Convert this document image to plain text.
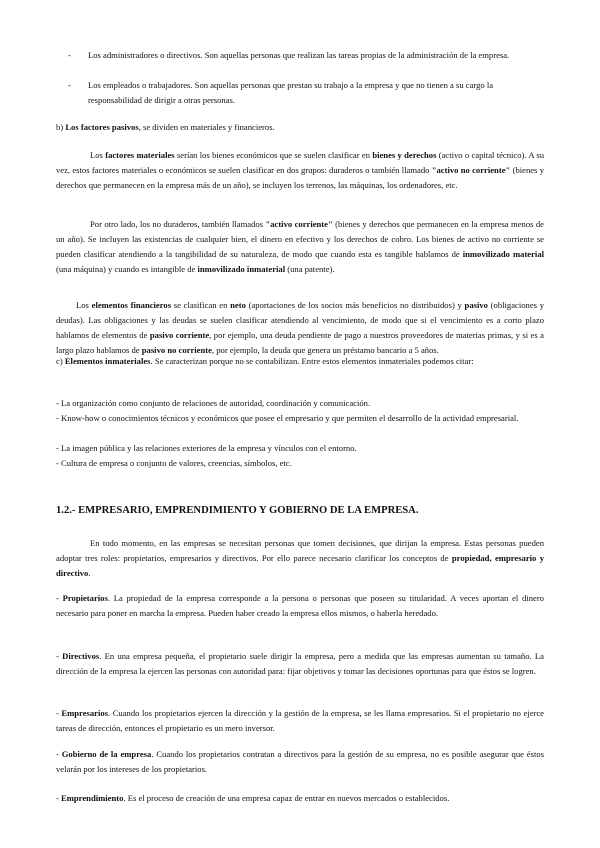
- Los administradores o directivos. Son aquellas personas que realizan las tareas propias de la administración de la empresa.
- Los empleados o trabajadores. Son aquellas personas que prestan su trabajo a la empresa y que no tienen a su cargo la responsabilidad de dirigir a otras personas.

b) Los factores pasivos, se dividen en materiales y financieros.

Los factores materiales serían los bienes económicos que se suelen clasificar en bienes y derechos (activo o capital técnico). A su vez, estos factores materiales o económicos se suelen clasificar en dos grupos: duraderos o también llamado "activo no corriente" (bienes y derechos que permanecen en la empresa más de un año), se incluyen los terrenos, las máquinas, los ordenadores, etc.

Por otro lado, los no duraderos, también llamados "activo corriente" (bienes y derechos que permanecen en la empresa menos de un año). Se incluyen las existencias de cualquier bien, el dinero en efectivo y los derechos de cobro. Los bienes de activo no corriente se pueden clasificar atendiendo a la tangibilidad de su naturaleza, de modo que cuando esta es tangible hablamos de inmovilizado material (una máquina) y cuando es intangible de inmovilizado inmaterial (una patente).

Los elementos financieros se clasifican en neto (aportaciones de los socios más beneficios no distribuidos) y pasivo (obligaciones y deudas). Las obligaciones y las deudas se suelen clasificar atendiendo al vencimiento, de modo que si el vencimiento es a corto plazo hablamos de elementos de pasivo corriente, por ejemplo, una deuda pendiente de pago a nuestros proveedores de materias primas, y si es a largo plazo hablamos de pasivo no corriente, por ejemplo, la deuda que genera un préstamo bancario a 5 años.

c) Elementos inmateriales. Se caracterizan porque no se contabilizan. Entre estos elementos inmateriales podemos citar:

- La organización como conjunto de relaciones de autoridad, coordinación y comunicación.

- Know-how o conocimientos técnicos y económicos que posee el empresario y que permiten el desarrollo de la actividad empresarial.

- La imagen pública y las relaciones exteriores de la empresa y vínculos con el entorno.

- Cultura de empresa o conjunto de valores, creencias, símbolos, etc.

1.2.- EMPRESARIO, EMPRENDIMIENTO Y GOBIERNO DE LA EMPRESA.

En todo momento, en las empresas se necesitan personas que tomen decisiones, que dirijan la empresa. Estas personas pueden adoptar tres roles: propietarios, empresarios y directivos. Por ello parece necesario clarificar los conceptos de propiedad, empresario y directivo.

- Propietarios. La propiedad de la empresa corresponde a la persona o personas que poseen su titularidad. A veces aportan el dinero necesario para poner en marcha la empresa. Pueden haber creado la empresa ellos mismos, o haberla heredado.

- Directivos. En una empresa pequeña, el propietario suele dirigir la empresa, pero a medida que las empresas aumentan su tamaño. La dirección de la empresa la ejercen las personas con autoridad para: fijar objetivos y tomar las decisiones oportunas para que éstos se logren.

- Empresarios. Cuando los propietarios ejercen la dirección y la gestión de la empresa, se les llama empresarios. Si el propietario no ejerce tareas de dirección, entonces el propietario es un mero inversor.

- Gobierno de la empresa. Cuando los propietarios contratan a directivos para la gestión de su empresa, no es posible asegurar que éstos velarán por los intereses de los propietarios.

- Emprendimiento. Es el proceso de creación de una empresa capaz de entrar en nuevos mercados o establecidos.
